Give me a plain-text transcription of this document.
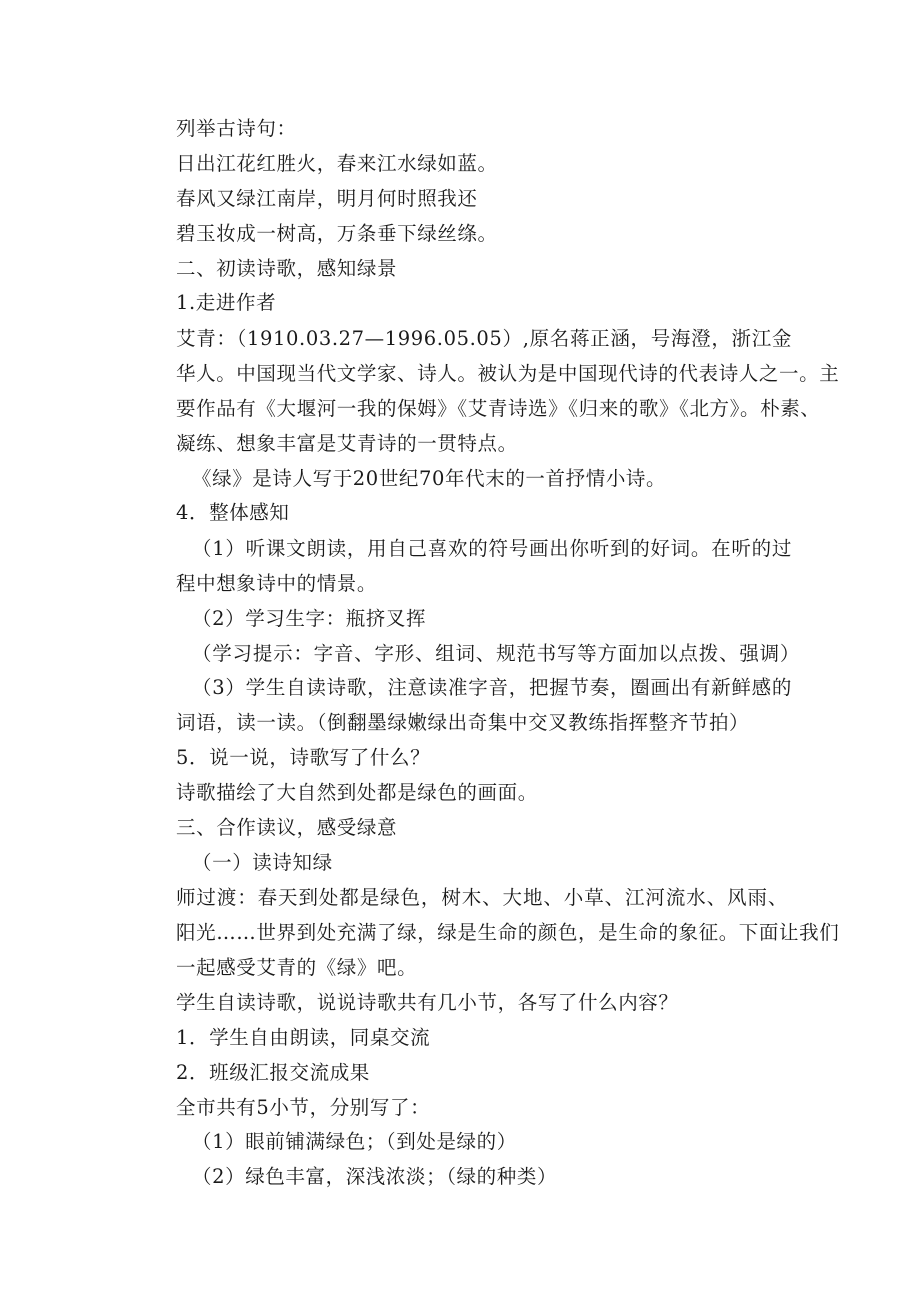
列举古诗句：
日出江花红胜火，春来江水绿如蓝。
春风又绿江南岸，明月何时照我还
碧玉妆成一树高，万条垂下绿丝绦。
二、初读诗歌，感知绿景
1.走进作者
艾青：（1910.03.27—1996.05.05）,原名蒋正涵，号海澄，浙江金
华人。中国现当代文学家、诗人。被认为是中国现代诗的代表诗人之一。主
要作品有《大堰河一我的保姆》《艾青诗选》《归来的歌》《北方》。朴素、
凝练、想象丰富是艾青诗的一贯特点。
《绿》是诗人写于20世纪70年代末的一首抒情小诗。
4．整体感知
（1）听课文朗读，用自己喜欢的符号画出你听到的好词。在听的过
程中想象诗中的情景。
（2）学习生字：瓶挤叉挥
（学习提示：字音、字形、组词、规范书写等方面加以点拨、强调）
（3）学生自读诗歌，注意读准字音，把握节奏，圈画出有新鲜感的
词语，读一读。（倒翻墨绿嫩绿出奇集中交叉教练指挥整齐节拍）
5．说一说，诗歌写了什么？
诗歌描绘了大自然到处都是绿色的画面。
三、合作读议，感受绿意
（一）读诗知绿
师过渡：春天到处都是绿色，树木、大地、小草、江河流水、风雨、
阳光……世界到处充满了绿，绿是生命的颜色，是生命的象征。下面让我们
一起感受艾青的《绿》吧。
学生自读诗歌，说说诗歌共有几小节，各写了什么内容？
1．学生自由朗读，同桌交流
2．班级汇报交流成果
全市共有5小节，分别写了：
（1）眼前铺满绿色；（到处是绿的）
（2）绿色丰富，深浅浓淡；（绿的种类）
